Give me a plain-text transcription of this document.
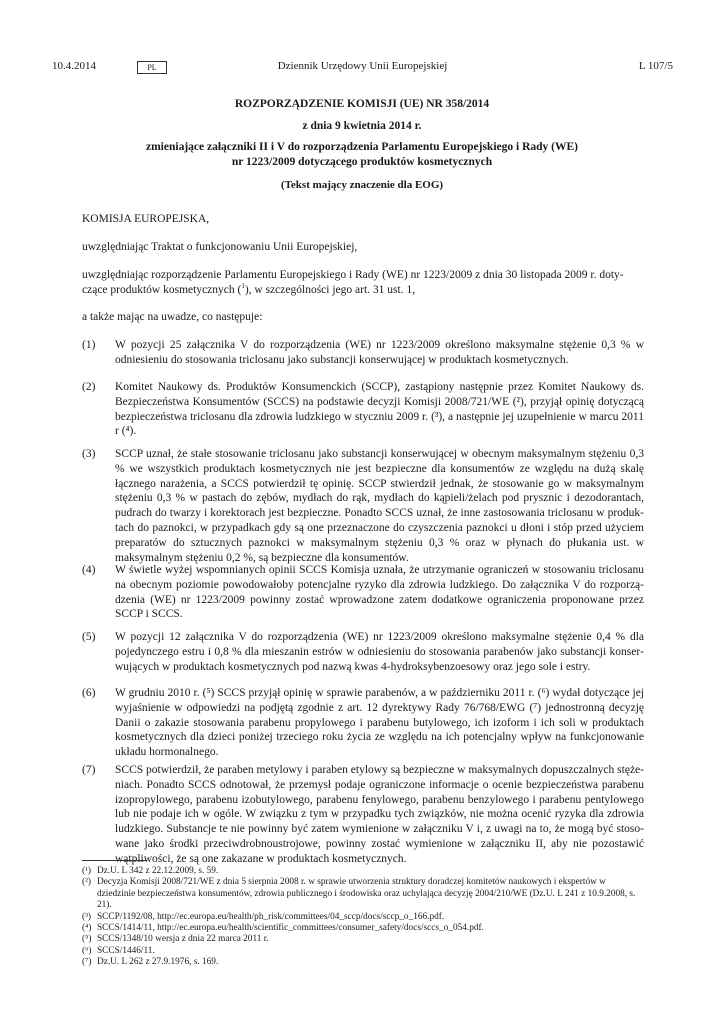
10.4.2014	PL	Dziennik Urzędowy Unii Europejskiej	L 107/5
ROZPORZĄDZENIE KOMISJI (UE) NR 358/2014
z dnia 9 kwietnia 2014 r.
zmieniające załączniki II i V do rozporządzenia Parlamentu Europejskiego i Rady (WE)
nr 1223/2009 dotyczącego produktów kosmetycznych
(Tekst mający znaczenie dla EOG)
KOMISJA EUROPEJSKA,
uwzględniając Traktat o funkcjonowaniu Unii Europejskiej,
uwzględniając rozporządzenie Parlamentu Europejskiego i Rady (WE) nr 1223/2009 z dnia 30 listopada 2009 r. doty-
czące produktów kosmetycznych ($^1$), w szczególności jego art. 31 ust. 1,
a także mając na uwadze, co następuje:
(1) W pozycji 25 załącznika V do rozporządzenia (WE) nr 1223/2009 określono maksymalne stężenie 0,3 % w odniesieniu do stosowania triclosanu jako substancji konserwującej w produktach kosmetycznych.
(2) Komitet Naukowy ds. Produktów Konsumenckich (SCCP), zastąpiony następnie przez Komitet Naukowy ds. Bezpieczeństwa Konsumentów (SCCS) na podstawie decyzji Komisji 2008/721/WE (²), przyjął opinię dotyczącą bezpieczeństwa triclosanu dla zdrowia ludzkiego w styczniu 2009 r. (³), a następnie jej uzupełnienie w marcu 2011 r (⁴).
(3) SCCP uznał, że stałe stosowanie triclosanu jako substancji konserwującej w obecnym maksymalnym stężeniu 0,3 % we wszystkich produktach kosmetycznych nie jest bezpieczne dla konsumentów ze względu na dużą skalę łącznego narażenia, a SCCS potwierdził tę opinię. SCCP stwierdził jednak, że stosowanie go w maksymalnym stężeniu 0,3 % w pastach do zębów, mydłach do rąk, mydłach do kąpieli/żelach pod prysznic i dezodorantach, pudrach do twarzy i korektorach jest bezpieczne. Ponadto SCCS uznał, że inne zastosowania triclosanu w produktach do paznokci, w przypadkach gdy są one przeznaczone do czyszczenia paznokci u dłoni i stóp przed użyciem preparatów do sztucznych paznokci w maksymalnym stężeniu 0,3 % oraz w płynach do płukania ust. w maksymalnym stężeniu 0,2 %, są bezpieczne dla konsumentów.
(4) W świetle wyżej wspomnianych opinii SCCS Komisja uznała, że utrzymanie ograniczeń w stosowaniu triclosanu na obecnym poziomie powodowałoby potencjalne ryzyko dla zdrowia ludzkiego. Do załącznika V do rozporządzenia (WE) nr 1223/2009 powinny zostać wprowadzone zatem dodatkowe ograniczenia proponowane przez SCCP i SCCS.
(5) W pozycji 12 załącznika V do rozporządzenia (WE) nr 1223/2009 określono maksymalne stężenie 0,4 % dla pojedynczego estru i 0,8 % dla mieszanin estrów w odniesieniu do stosowania parabenów jako substancji konserwujących w produktach kosmetycznych pod nazwą kwas 4-hydroksybenzoesowy oraz jego sole i estry.
(6) W grudniu 2010 r. (⁵) SCCS przyjął opinię w sprawie parabenów, a w październiku 2011 r. (⁶) wydał dotyczące jej wyjaśnienie w odpowiedzi na podjętą zgodnie z art. 12 dyrektywy Rady 76/768/EWG (⁷) jednostronną decyzję Danii o zakazie stosowania parabenu propylowego i parabenu butylowego, ich izoform i ich soli w produktach kosmetycznych dla dzieci poniżej trzeciego roku życia ze względu na ich potencjalny wpływ na funkcjonowanie układu hormonalnego.
(7) SCCS potwierdził, że paraben metylowy i paraben etylowy są bezpieczne w maksymalnych dopuszczalnych stężeniach. Ponadto SCCS odnotował, że przemysł podaje ograniczone informacje o ocenie bezpieczeństwa parabenu izopropylowego, parabenu izobutylowego, parabenu fenylowego, parabenu benzylowego i parabenu pentylowego lub nie podaje ich w ogóle. W związku z tym w przypadku tych związków, nie można ocenić ryzyka dla zdrowia ludzkiego. Substancje te nie powinny być zatem wymienione w załączniku V i, z uwagi na to, że mogą być stosowane jako środki przeciwdrobnoustrojowe, powinny zostać wymienione w załączniku II, aby nie pozostawić wątpliwości, że są one zakazane w produktach kosmetycznych.
(¹) Dz.U. L 342 z 22.12.2009, s. 59.
(²) Decyzja Komisji 2008/721/WE z dnia 5 sierpnia 2008 r. w sprawie utworzenia struktury doradczej komitetów naukowych i ekspertów w dziedzinie bezpieczeństwa konsumentów, zdrowia publicznego i środowiska oraz uchylająca decyzję 2004/210/WE (Dz.U. L 241 z 10.9.2008, s. 21).
(³) SCCP/1192/08, http://ec.europa.eu/health/ph_risk/committees/04_sccp/docs/sccp_o_166.pdf.
(⁴) SCCS/1414/11, http://ec.europa.eu/health/scientific_committees/consumer_safety/docs/sccs_o_054.pdf.
(⁵) SCCS/1348/10 wersja z dnia 22 marca 2011 r.
(⁶) SCCS/1446/11.
(⁷) Dz.U. L 262 z 27.9.1976, s. 169.
